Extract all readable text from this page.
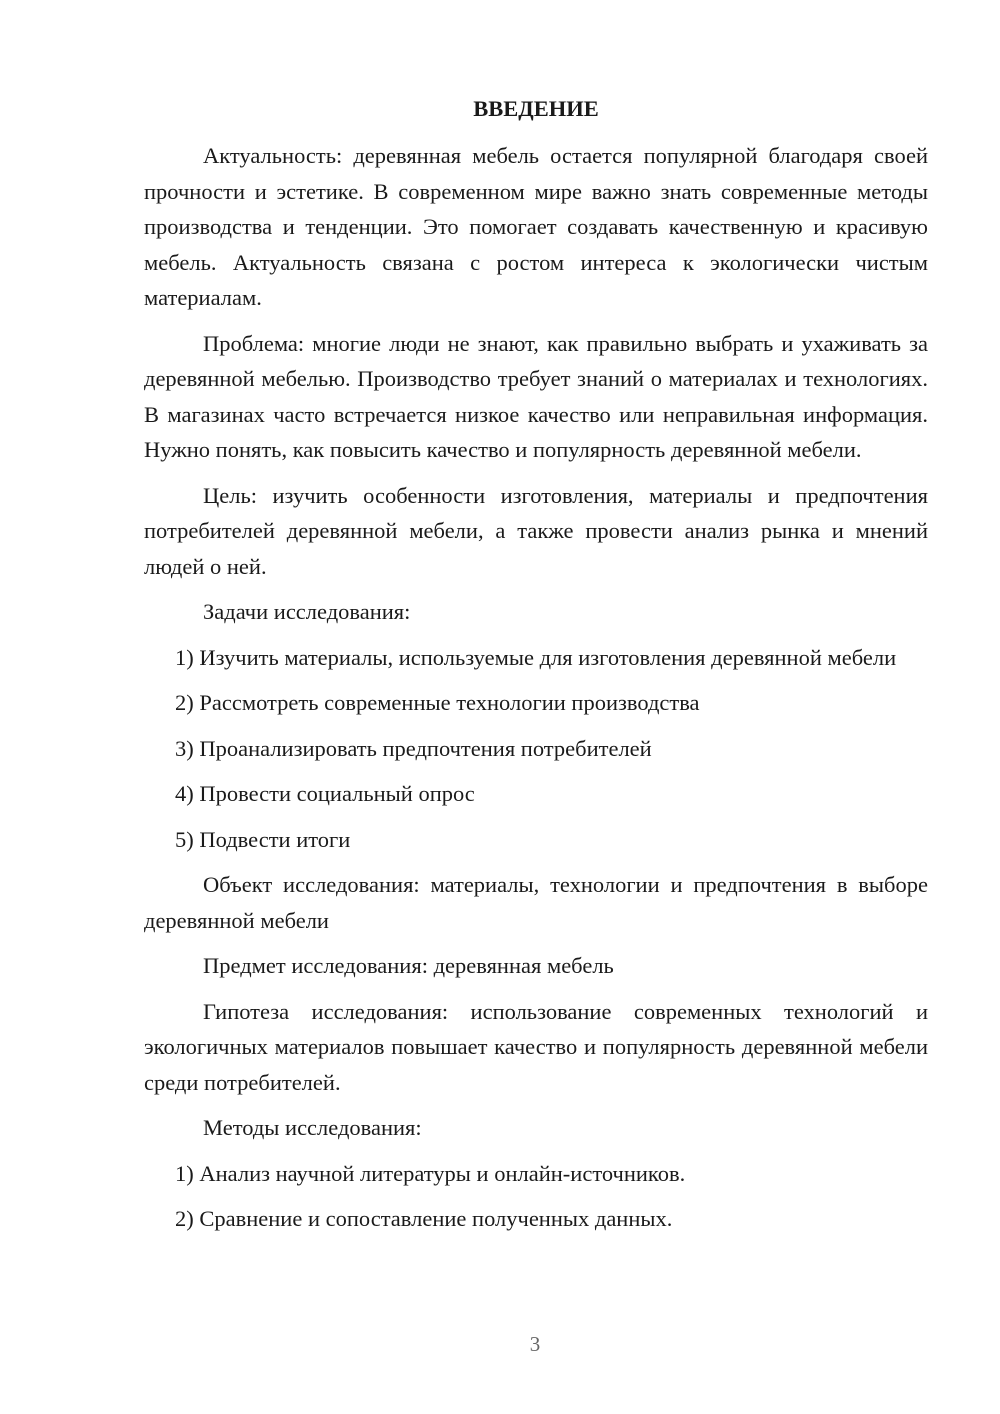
ВВЕДЕНИЕ

Актуальность: деревянная мебель остается популярной благодаря своей прочности и эстетике. В современном мире важно знать современные методы производства и тенденции. Это помогает создавать качественную и красивую мебель. Актуальность связана с ростом интереса к экологически чистым материалам.

Проблема: многие люди не знают, как правильно выбрать и ухаживать за деревянной мебелью. Производство требует знаний о материалах и технологиях. В магазинах часто встречается низкое качество или неправильная информация. Нужно понять, как повысить качество и популярность деревянной мебели.

Цель: изучить особенности изготовления, материалы и предпочтения потребителей деревянной мебели, а также провести анализ рынка и мнений людей о ней.

Задачи исследования:

1) Изучить материалы, используемые для изготовления деревянной мебели

2) Рассмотреть современные технологии производства

3) Проанализировать предпочтения потребителей

4) Провести социальный опрос

5) Подвести итоги

Объект исследования: материалы, технологии и предпочтения в выборе деревянной мебели

Предмет исследования: деревянная мебель

Гипотеза исследования: использование современных технологий и экологичных материалов повышает качество и популярность деревянной мебели среди потребителей.

Методы исследования:

1) Анализ научной литературы и онлайн-источников.

2) Сравнение и сопоставление полученных данных.

3
